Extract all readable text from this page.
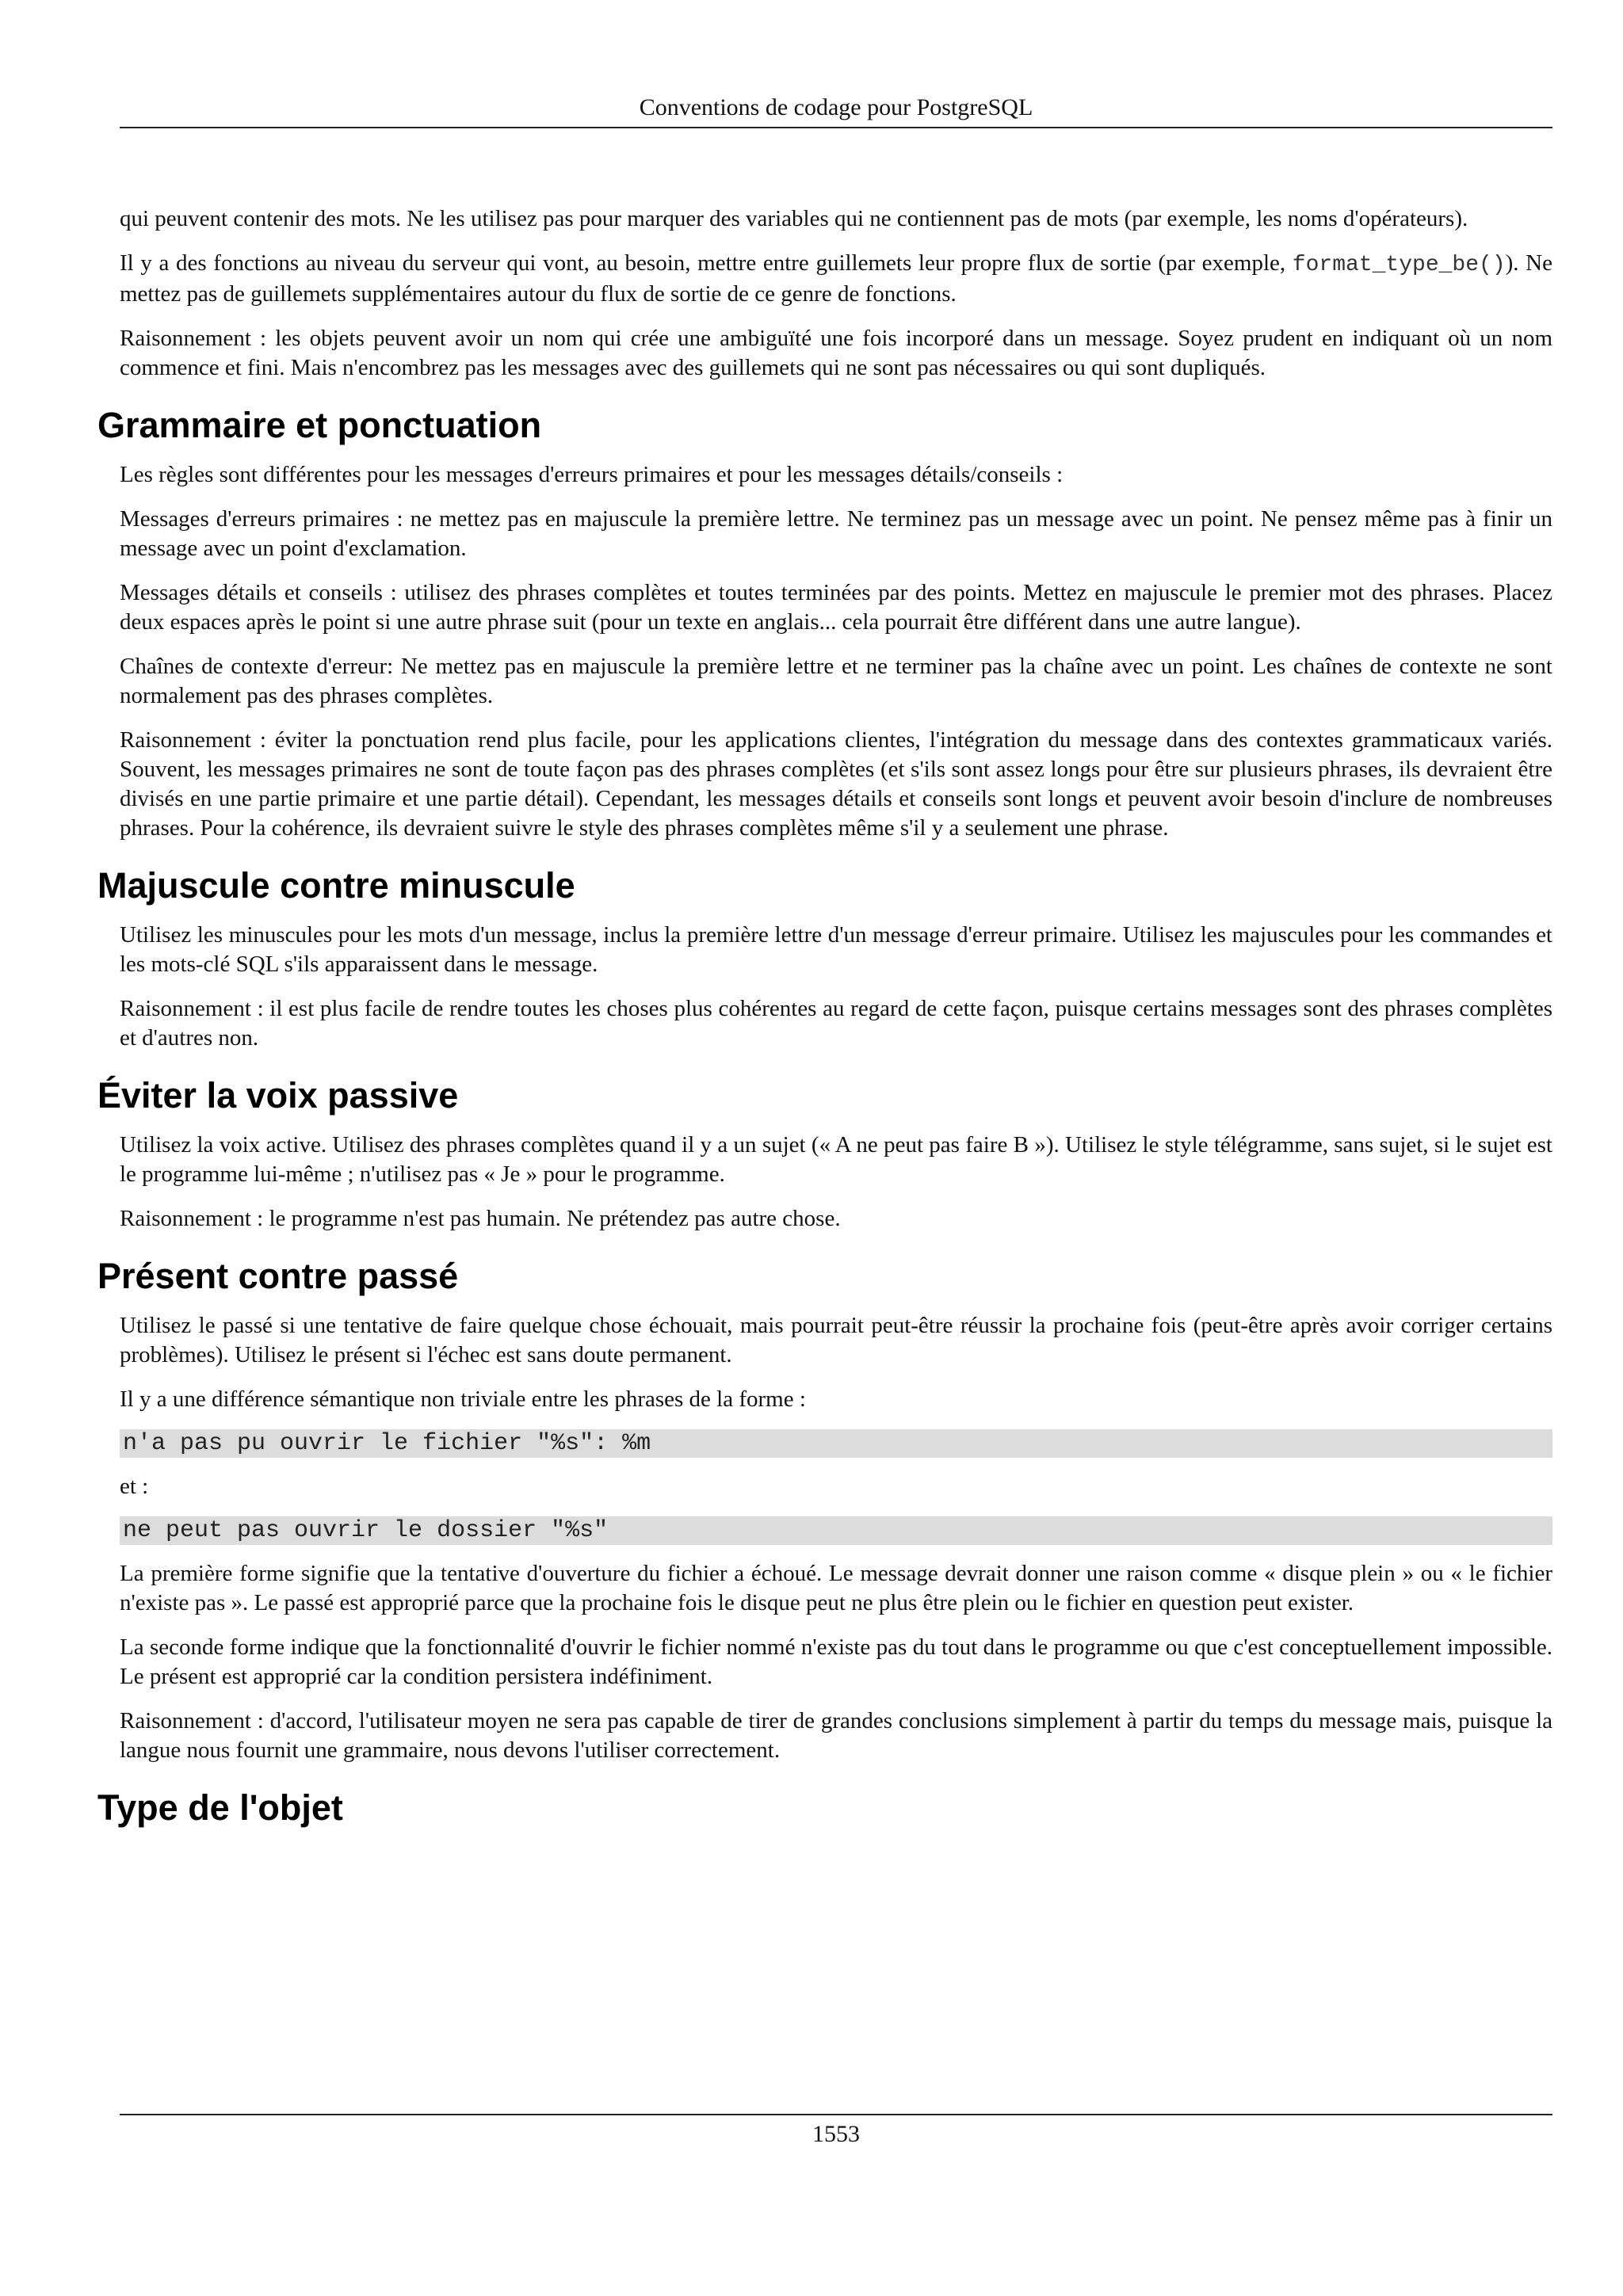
Conventions de codage pour PostgreSQL

qui peuvent contenir des mots. Ne les utilisez pas pour marquer des variables qui ne contiennent pas de mots (par exemple, les noms d'opérateurs).

Il y a des fonctions au niveau du serveur qui vont, au besoin, mettre entre guillemets leur propre flux de sortie (par exemple, format_type_be()). Ne mettez pas de guillemets supplémentaires autour du flux de sortie de ce genre de fonctions.

Raisonnement : les objets peuvent avoir un nom qui crée une ambiguïté une fois incorporé dans un message. Soyez prudent en indiquant où un nom commence et fini. Mais n'encombrez pas les messages avec des guillemets qui ne sont pas nécessaires ou qui sont dupliqués.

Grammaire et ponctuation

Les règles sont différentes pour les messages d'erreurs primaires et pour les messages détails/conseils :

Messages d'erreurs primaires : ne mettez pas en majuscule la première lettre. Ne terminez pas un message avec un point. Ne pensez même pas à finir un message avec un point d'exclamation.

Messages détails et conseils : utilisez des phrases complètes et toutes terminées par des points. Mettez en majuscule le premier mot des phrases. Placez deux espaces après le point si une autre phrase suit (pour un texte en anglais... cela pourrait être différent dans une autre langue).

Chaînes de contexte d'erreur: Ne mettez pas en majuscule la première lettre et ne terminer pas la chaîne avec un point. Les chaînes de contexte ne sont normalement pas des phrases complètes.

Raisonnement : éviter la ponctuation rend plus facile, pour les applications clientes, l'intégration du message dans des contextes grammaticaux variés. Souvent, les messages primaires ne sont de toute façon pas des phrases complètes (et s'ils sont assez longs pour être sur plusieurs phrases, ils devraient être divisés en une partie primaire et une partie détail). Cependant, les messages détails et conseils sont longs et peuvent avoir besoin d'inclure de nombreuses phrases. Pour la cohérence, ils devraient suivre le style des phrases complètes même s'il y a seulement une phrase.

Majuscule contre minuscule

Utilisez les minuscules pour les mots d'un message, inclus la première lettre d'un message d'erreur primaire. Utilisez les majuscules pour les commandes et les mots-clé SQL s'ils apparaissent dans le message.

Raisonnement : il est plus facile de rendre toutes les choses plus cohérentes au regard de cette façon, puisque certains messages sont des phrases complètes et d'autres non.

Éviter la voix passive

Utilisez la voix active. Utilisez des phrases complètes quand il y a un sujet (« A ne peut pas faire B »). Utilisez le style télégramme, sans sujet, si le sujet est le programme lui-même ; n'utilisez pas « Je » pour le programme.

Raisonnement : le programme n'est pas humain. Ne prétendez pas autre chose.

Présent contre passé

Utilisez le passé si une tentative de faire quelque chose échouait, mais pourrait peut-être réussir la prochaine fois (peut-être après avoir corriger certains problèmes). Utilisez le présent si l'échec est sans doute permanent.

Il y a une différence sémantique non triviale entre les phrases de la forme :

n'a pas pu ouvrir le fichier "%s": %m

et :

ne peut pas ouvrir le dossier "%s"

La première forme signifie que la tentative d'ouverture du fichier a échoué. Le message devrait donner une raison comme « disque plein » ou « le fichier n'existe pas ». Le passé est approprié parce que la prochaine fois le disque peut ne plus être plein ou le fichier en question peut exister.

La seconde forme indique que la fonctionnalité d'ouvrir le fichier nommé n'existe pas du tout dans le programme ou que c'est conceptuellement impossible. Le présent est approprié car la condition persistera indéfiniment.

Raisonnement : d'accord, l'utilisateur moyen ne sera pas capable de tirer de grandes conclusions simplement à partir du temps du message mais, puisque la langue nous fournit une grammaire, nous devons l'utiliser correctement.

Type de l'objet
1553
